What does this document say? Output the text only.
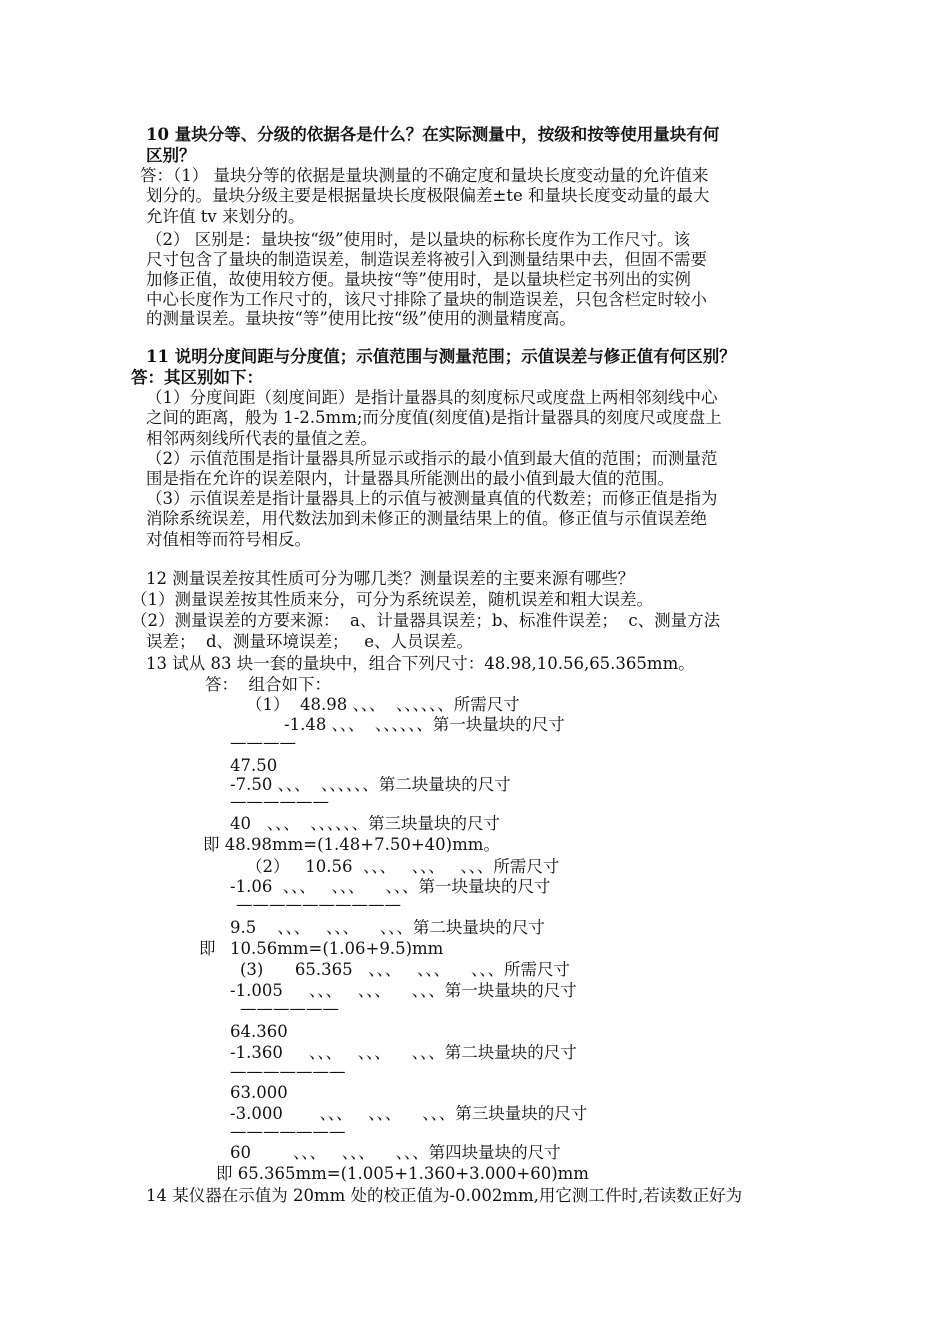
10 量块分等、分级的依据各是什么？在实际测量中，按级和按等使用量块有何
区别？
答：（1） 量块分等的依据是量块测量的不确定度和量块长度变动量的允许值来
划分的。量块分级主要是根据量块长度极限偏差±te 和量块长度变动量的最大
允许值 tv 来划分的。
（2） 区别是：量块按“级”使用时，是以量块的标称长度作为工作尺寸。该
尺寸包含了量块的制造误差，制造误差将被引入到测量结果中去，但固不需要
加修正值，故使用较方便。量块按“等”使用时，是以量块栏定书列出的实例
中心长度作为工作尺寸的，该尺寸排除了量块的制造误差，只包含栏定时较小
的测量误差。量块按“等”使用比按“级”使用的测量精度高。
11 说明分度间距与分度值；示值范围与测量范围；示值误差与修正值有何区别？
答：其区别如下：
（1）分度间距（刻度间距）是指计量器具的刻度标尺或度盘上两相邻刻线中心
之间的距离，般为 1-2.5mm;而分度值(刻度值)是指计量器具的刻度尺或度盘上
相邻两刻线所代表的量值之差。
（2）示值范围是指计量器具所显示或指示的最小值到最大值的范围；而测量范
围是指在允许的误差限内，计量器具所能测出的最小值到最大值的范围。
（3）示值误差是指计量器具上的示值与被测量真值的代数差；而修正值是指为
消除系统误差，用代数法加到未修正的测量结果上的值。修正值与示值误差绝
对值相等而符号相反。
12 测量误差按其性质可分为哪几类？测量误差的主要来源有哪些？
（1）测量误差按其性质来分，可分为系统误差，随机误差和粗大误差。
（2）测量误差的方要来源：  a、计量器具误差；b、标准件误差；  c、测量方法
误差；  d、测量环境误差；   e、人员误差。
13 试从 83 块一套的量块中，组合下列尺寸：48.98,10.56,65.365mm。
答：  组合如下：
（1）  48.98 、、、  、、、、、、所需尺寸
-1.48 、、、  、、、、、、第一块量块的尺寸
————
47.50
-7.50 、、、  、、、、、、第二块量块的尺寸
——————
40   、、、  、、、、、、第三块量块的尺寸
即 48.98mm=(1.48+7.50+40)mm。
（2）   10.56  、、、   、、、   、、、所需尺寸
-1.06  、、、   、、、    、、、第一块量块的尺寸
——————————
9.5    、、、   、、、    、、、第二块量块的尺寸
即 10.56mm=(1.06+9.5)mm
(3)      65.365   、、、   、、、    、、、所需尺寸
-1.005     、、、   、、、    、、、第一块量块的尺寸
——————
64.360
-1.360     、、、   、、、    、、、第二块量块的尺寸
———————
63.000
-3.000       、、、   、、、    、、、第三块量块的尺寸
———————
60        、、、   、、、    、、、第四块量块的尺寸
即 65.365mm=(1.005+1.360+3.000+60)mm
14 某仪器在示值为 20mm 处的校正值为-0.002mm,用它测工件时,若读数正好为
